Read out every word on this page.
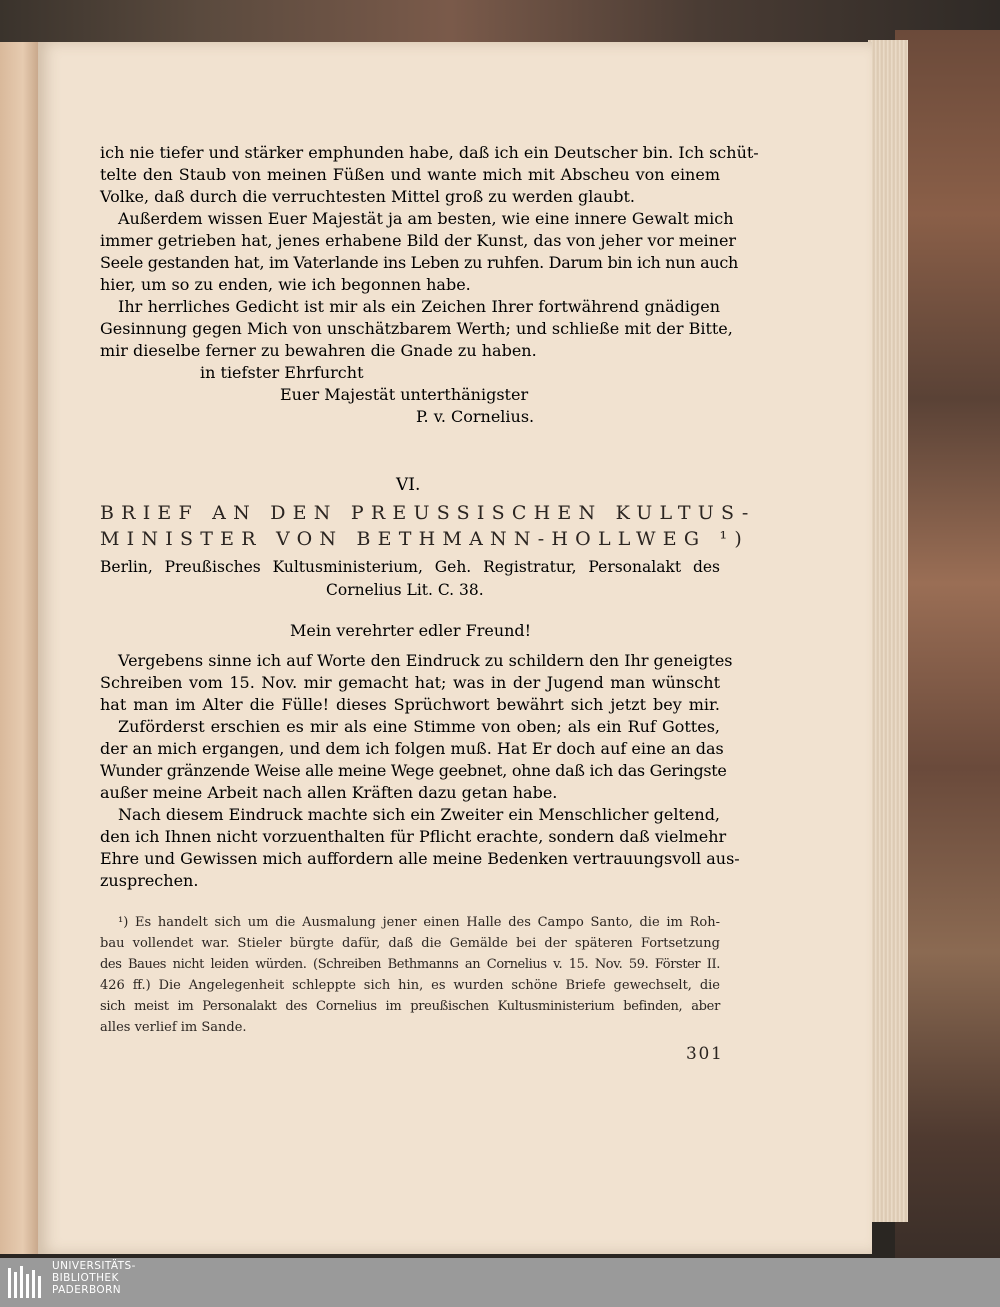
ich nie tiefer und stärker emphunden habe, daß ich ein Deutscher bin. Ich schüt-
telte den Staub von meinen Füßen und wante mich mit Abscheu von einem
Volke, daß durch die verruchtesten Mittel groß zu werden glaubt.
Außerdem wissen Euer Majestät ja am besten, wie eine innere Gewalt mich
immer getrieben hat, jenes erhabene Bild der Kunst, das von jeher vor meiner
Seele gestanden hat, im Vaterlande ins Leben zu ruhfen. Darum bin ich nun auch
hier, um so zu enden, wie ich begonnen habe.
Ihr herrliches Gedicht ist mir als ein Zeichen Ihrer fortwährend gnädigen
Gesinnung gegen Mich von unschätzbarem Werth; und schließe mit der Bitte,
mir dieselbe ferner zu bewahren die Gnade zu haben.
in tiefster Ehrfurcht
Euer Majestät unterthänigster
P. v. Cornelius.
VI.
BRIEF AN DEN PREUSSISCHEN KULTUS-
MINISTER VON BETHMANN-HOLLWEG ¹)
Berlin, Preußisches Kultusministerium, Geh. Registratur, Personalakt des
Cornelius Lit. C. 38.
Mein verehrter edler Freund!
Vergebens sinne ich auf Worte den Eindruck zu schildern den Ihr geneigtes
Schreiben vom 15. Nov. mir gemacht hat; was in der Jugend man wünscht
hat man im Alter die Fülle! dieses Sprüchwort bewährt sich jetzt bey mir.
Zuförderst erschien es mir als eine Stimme von oben; als ein Ruf Gottes,
der an mich ergangen, und dem ich folgen muß. Hat Er doch auf eine an das
Wunder gränzende Weise alle meine Wege geebnet, ohne daß ich das Geringste
außer meine Arbeit nach allen Kräften dazu getan habe.
Nach diesem Eindruck machte sich ein Zweiter ein Menschlicher geltend,
den ich Ihnen nicht vorzuenthalten für Pflicht erachte, sondern daß vielmehr
Ehre und Gewissen mich auffordern alle meine Bedenken vertrauungsvoll aus-
zusprechen.
¹) Es handelt sich um die Ausmalung jener einen Halle des Campo Santo, die im Roh-
bau vollendet war. Stieler bürgte dafür, daß die Gemälde bei der späteren Fortsetzung
des Baues nicht leiden würden. (Schreiben Bethmanns an Cornelius v. 15. Nov. 59. Förster II.
426 ff.) Die Angelegenheit schleppte sich hin, es wurden schöne Briefe gewechselt, die
sich meist im Personalakt des Cornelius im preußischen Kultusministerium befinden, aber
alles verlief im Sande.
301
UNIVERSITÄTS-
BIBLIOTHEK
PADERBORN
